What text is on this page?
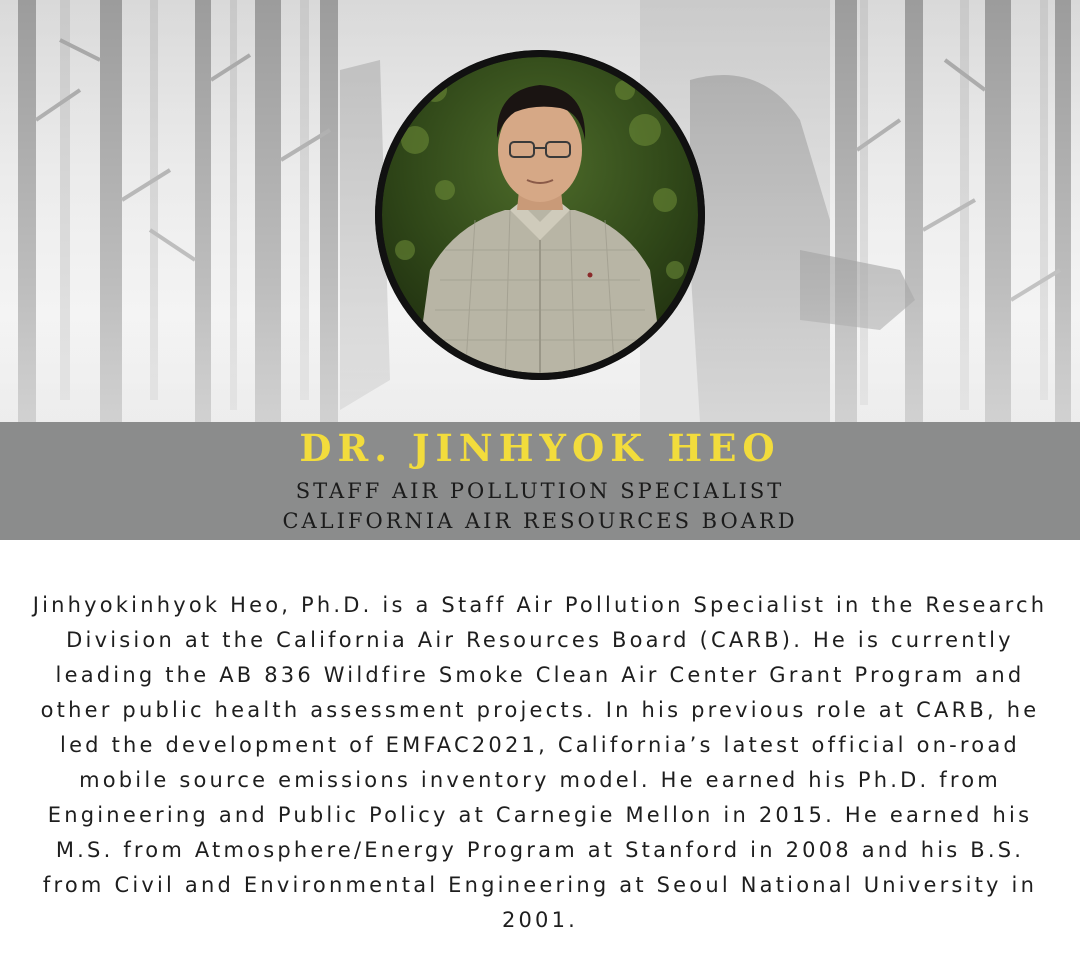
DR. JINHYOK HEO
STAFF AIR POLLUTION SPECIALIST
CALIFORNIA AIR RESOURCES BOARD

Jinhyokinhyok Heo, Ph.D. is a Staff Air Pollution Specialist in the Research Division at the California Air Resources Board (CARB). He is currently leading the AB 836 Wildfire Smoke Clean Air Center Grant Program and other public health assessment projects. In his previous role at CARB, he led the development of EMFAC2021, California’s latest official on-road mobile source emissions inventory model. He earned his Ph.D. from Engineering and Public Policy at Carnegie Mellon in 2015. He earned his M.S. from Atmosphere/Energy Program at Stanford in 2008 and his B.S. from Civil and Environmental Engineering at Seoul National University in 2001.
